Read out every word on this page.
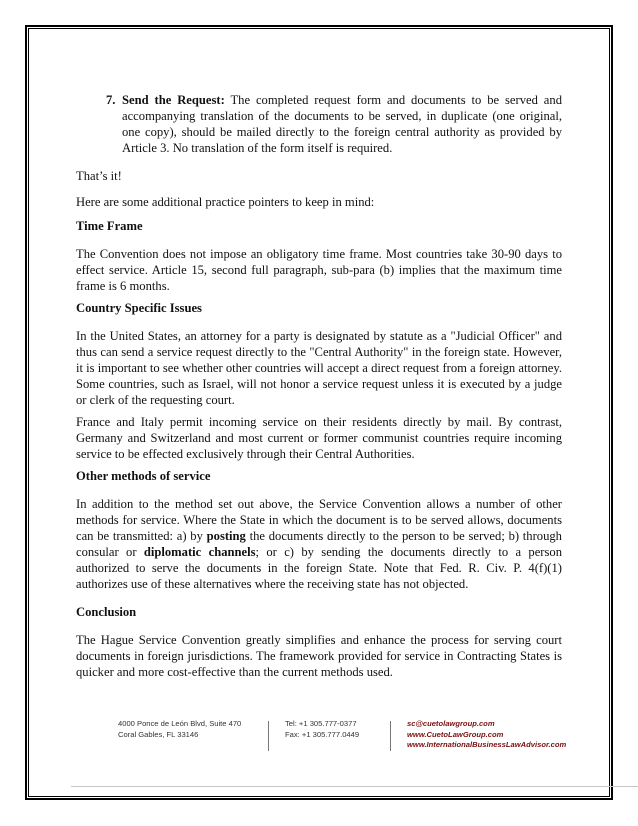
7. Send the Request: The completed request form and documents to be served and accompanying translation of the documents to be served, in duplicate (one original, one copy), should be mailed directly to the foreign central authority as provided by Article 3. No translation of the form itself is required.

That’s it!

Here are some additional practice pointers to keep in mind:

Time Frame

The Convention does not impose an obligatory time frame. Most countries take 30-90 days to effect service. Article 15, second full paragraph, sub-para (b) implies that the maximum time frame is 6 months.

Country Specific Issues

In the United States, an attorney for a party is designated by statute as a "Judicial Officer" and thus can send a service request directly to the "Central Authority" in the foreign state. However, it is important to see whether other countries will accept a direct request from a foreign attorney. Some countries, such as Israel, will not honor a service request unless it is executed by a judge or clerk of the requesting court.

France and Italy permit incoming service on their residents directly by mail. By contrast, Germany and Switzerland and most current or former communist countries require incoming service to be effected exclusively through their Central Authorities.

Other methods of service

In addition to the method set out above, the Service Convention allows a number of other methods for service. Where the State in which the document is to be served allows, documents can be transmitted: a) by posting the documents directly to the person to be served; b) through consular or diplomatic channels; or c) by sending the documents directly to a person authorized to serve the documents in the foreign State. Note that Fed. R. Civ. P. 4(f)(1) authorizes use of these alternatives where the receiving state has not objected.

Conclusion

The Hague Service Convention greatly simplifies and enhance the process for serving court documents in foreign jurisdictions. The framework provided for service in Contracting States is quicker and more cost-effective than the current methods used.

4000 Ponce de León Blvd, Suite 470
Coral Gables, FL 33146
Tel: +1 305.777-0377
Fax: +1 305.777.0449
sc@cuetolawgroup.com
www.CuetoLawGroup.com
www.InternationalBusinessLawAdvisor.com
